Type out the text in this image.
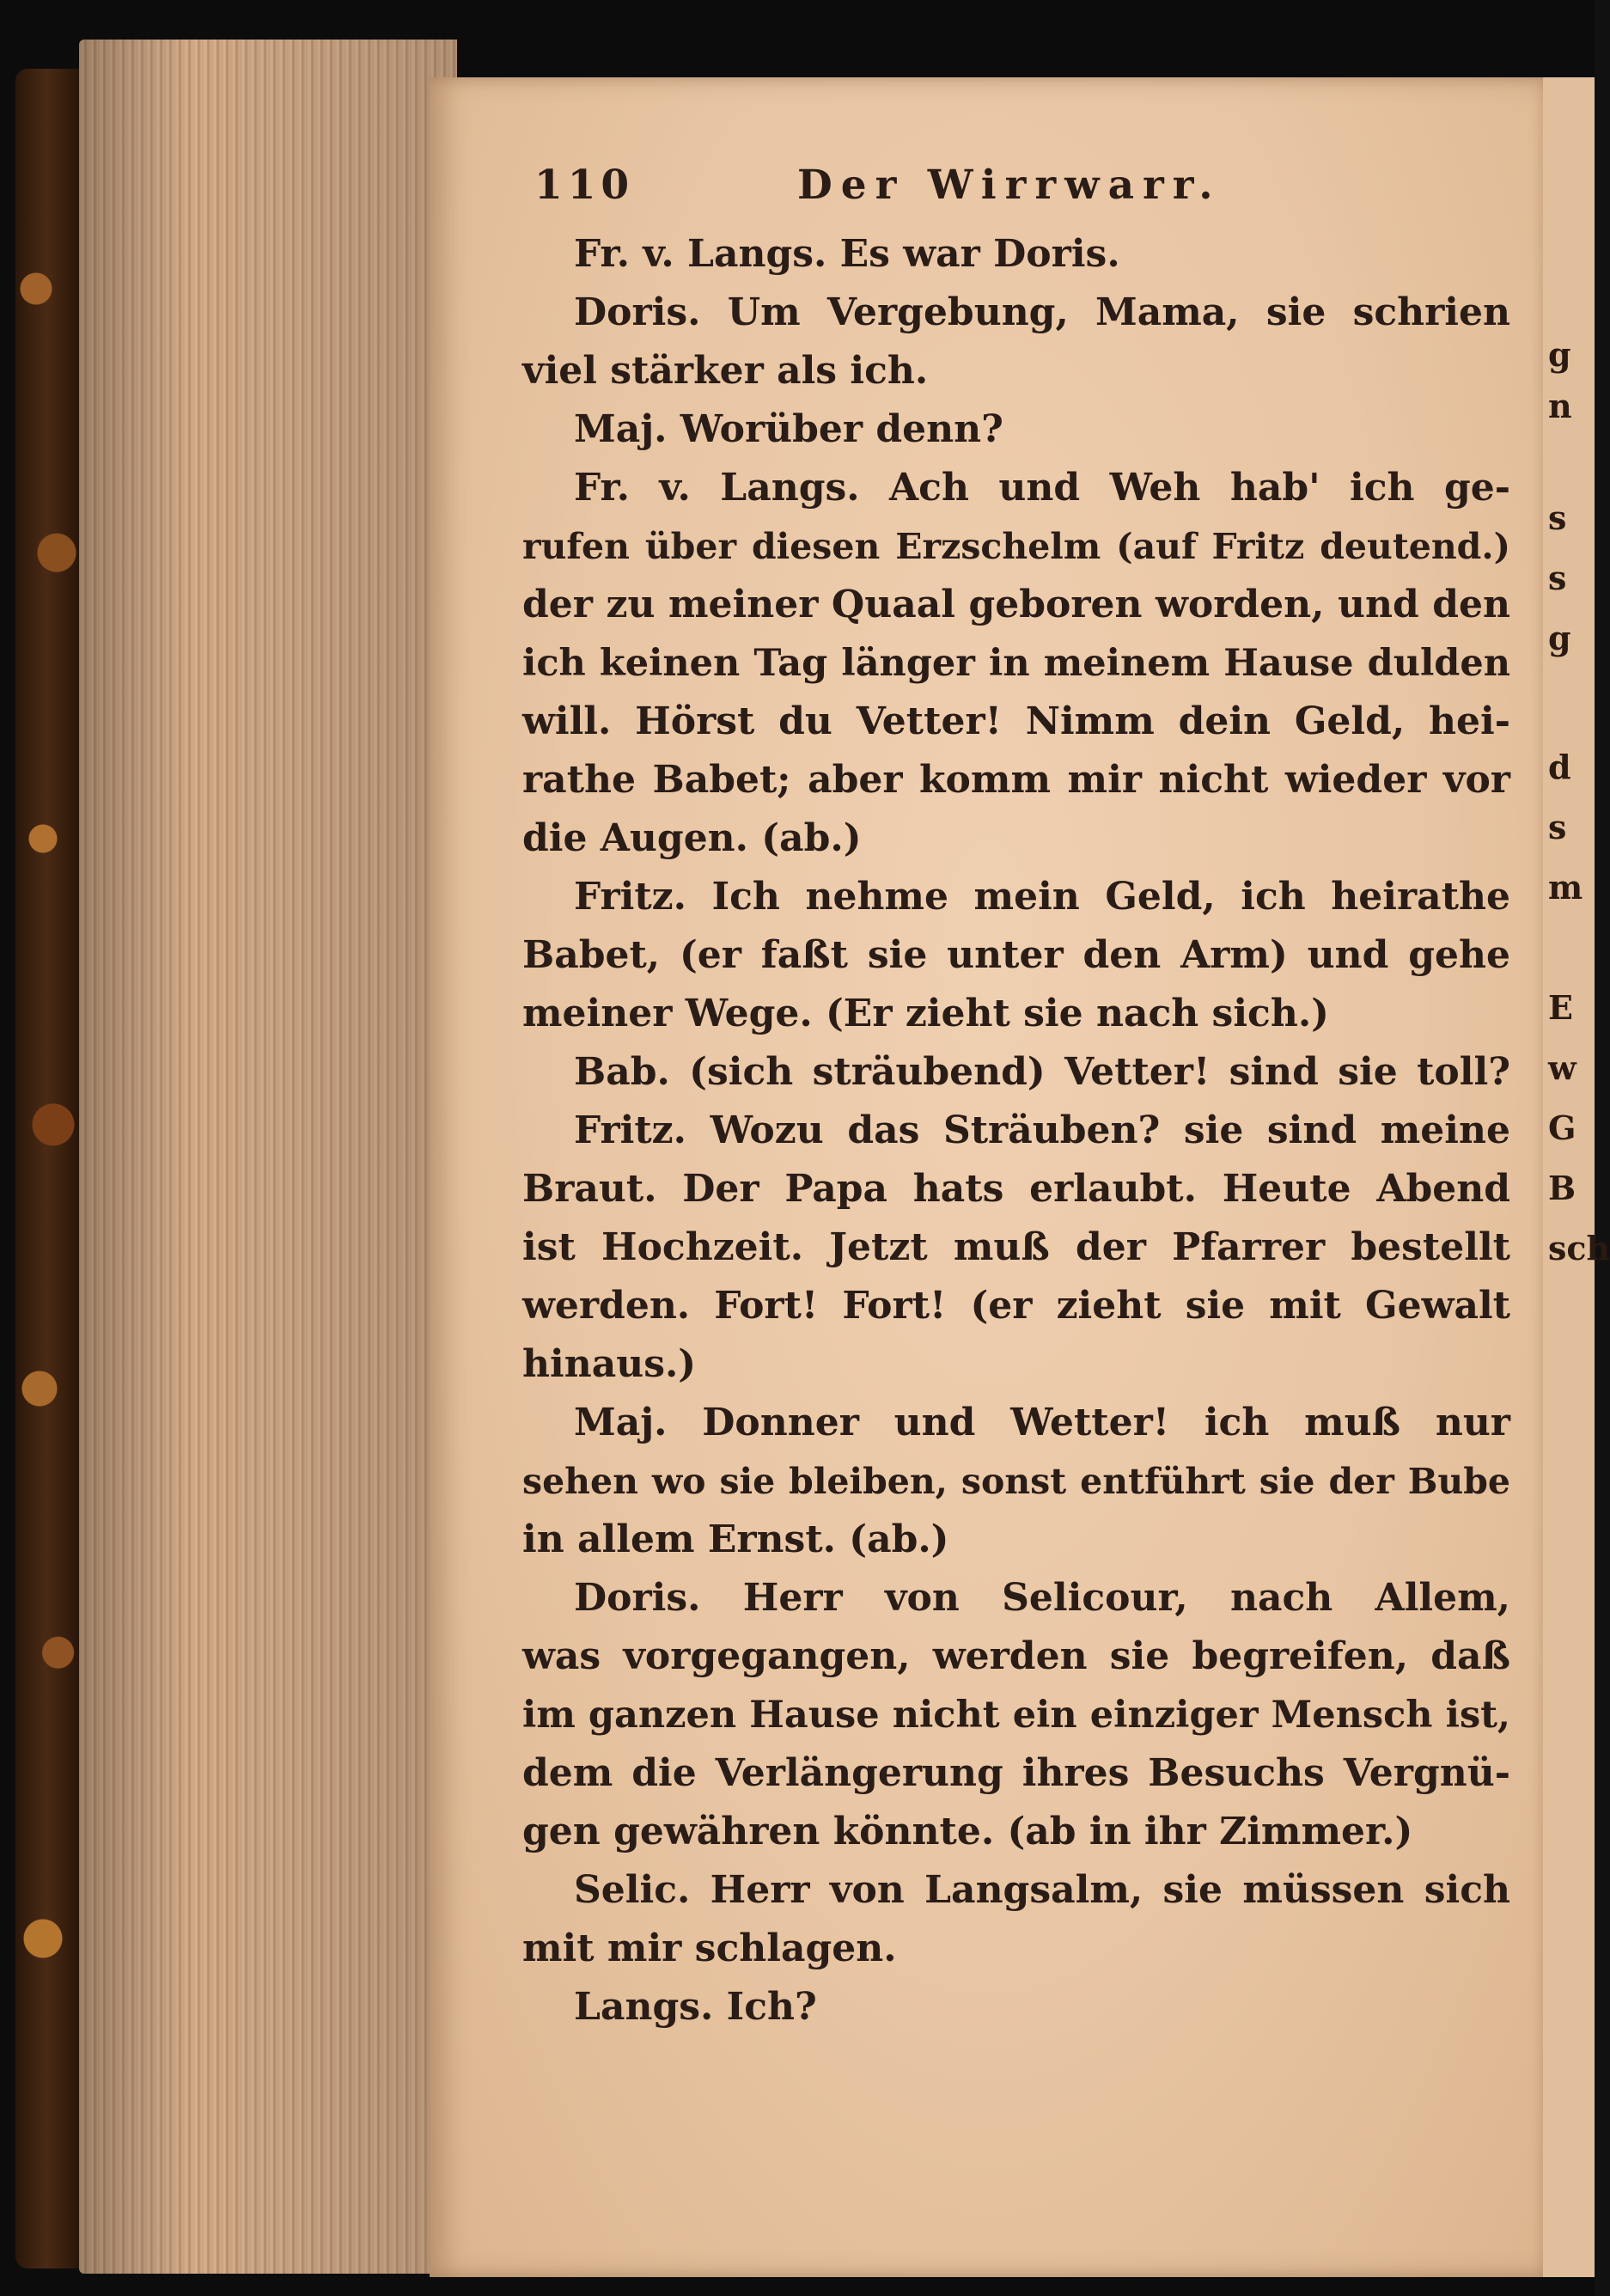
g
n
s
s
g
d
s
m
E
w
G
B
sch
110	Der Wirrwarr.
Fr. v. Langs. Es war Doris.
Doris. Um Vergebung, Mama, sie schrien
viel stärker als ich.
Maj. Worüber denn?
Fr. v. Langs. Ach und Weh hab' ich ge-
rufen über diesen Erzschelm (auf Fritz deutend.)
der zu meiner Quaal geboren worden, und den
ich keinen Tag länger in meinem Hause dulden
will. Hörst du Vetter! Nimm dein Geld, hei-
rathe Babet; aber komm mir nicht wieder vor
die Augen. (ab.)
Fritz. Ich nehme mein Geld, ich heirathe
Babet, (er faßt sie unter den Arm) und gehe
meiner Wege. (Er zieht sie nach sich.)
Bab. (sich sträubend) Vetter! sind sie toll?
Fritz. Wozu das Sträuben? sie sind meine
Braut. Der Papa hats erlaubt. Heute Abend
ist Hochzeit. Jetzt muß der Pfarrer bestellt
werden. Fort! Fort! (er zieht sie mit Gewalt
hinaus.)
Maj. Donner und Wetter! ich muß nur
sehen wo sie bleiben, sonst entführt sie der Bube
in allem Ernst. (ab.)
Doris. Herr von Selicour, nach Allem,
was vorgegangen, werden sie begreifen, daß
im ganzen Hause nicht ein einziger Mensch ist,
dem die Verlängerung ihres Besuchs Vergnü-
gen gewähren könnte. (ab in ihr Zimmer.)
Selic. Herr von Langsalm, sie müssen sich
mit mir schlagen.
Langs. Ich?
